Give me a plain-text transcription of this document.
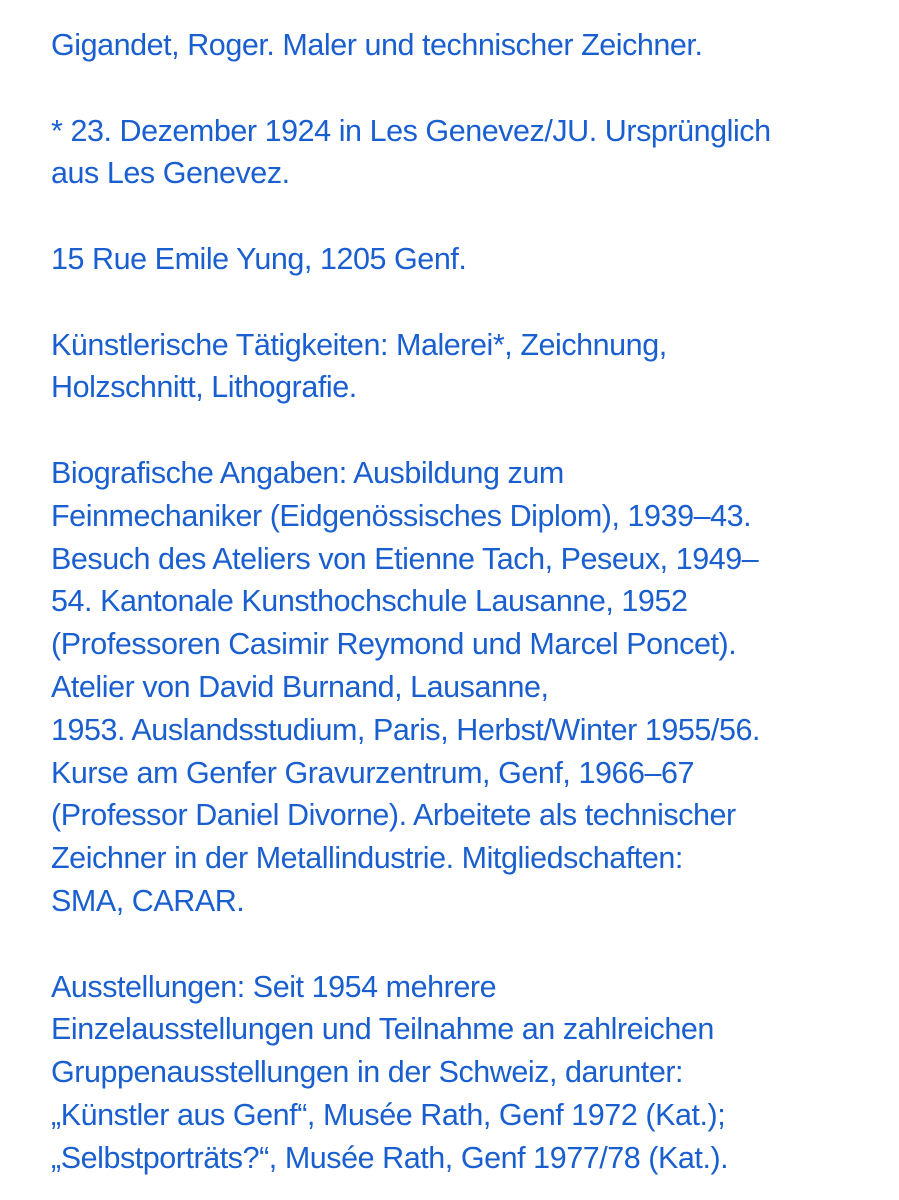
Gigandet, Roger. Maler und technischer Zeichner.

* 23. Dezember 1924 in Les Genevez/JU. Ursprünglich
aus Les Genevez.

15 Rue Emile Yung, 1205 Genf.

Künstlerische Tätigkeiten: Malerei*, Zeichnung,
Holzschnitt, Lithografie.

Biografische Angaben: Ausbildung zum
Feinmechaniker (Eidgenössisches Diplom), 1939–43.
Besuch des Ateliers von Etienne Tach, Peseux, 1949–
54. Kantonale Kunsthochschule Lausanne, 1952
(Professoren Casimir Reymond und Marcel Poncet).
Atelier von David Burnand, Lausanne,
1953. Auslandsstudium, Paris, Herbst/Winter 1955/56.
Kurse am Genfer Gravurzentrum, Genf, 1966–67
(Professor Daniel Divorne). Arbeitete als technischer
Zeichner in der Metallindustrie. Mitgliedschaften:
SMA, CARAR.

Ausstellungen: Seit 1954 mehrere
Einzelausstellungen und Teilnahme an zahlreichen
Gruppenausstellungen in der Schweiz, darunter:
„Künstler aus Genf“, Musée Rath, Genf 1972 (Kat.);
„Selbstporträts?“, Musée Rath, Genf 1977/78 (Kat.).
